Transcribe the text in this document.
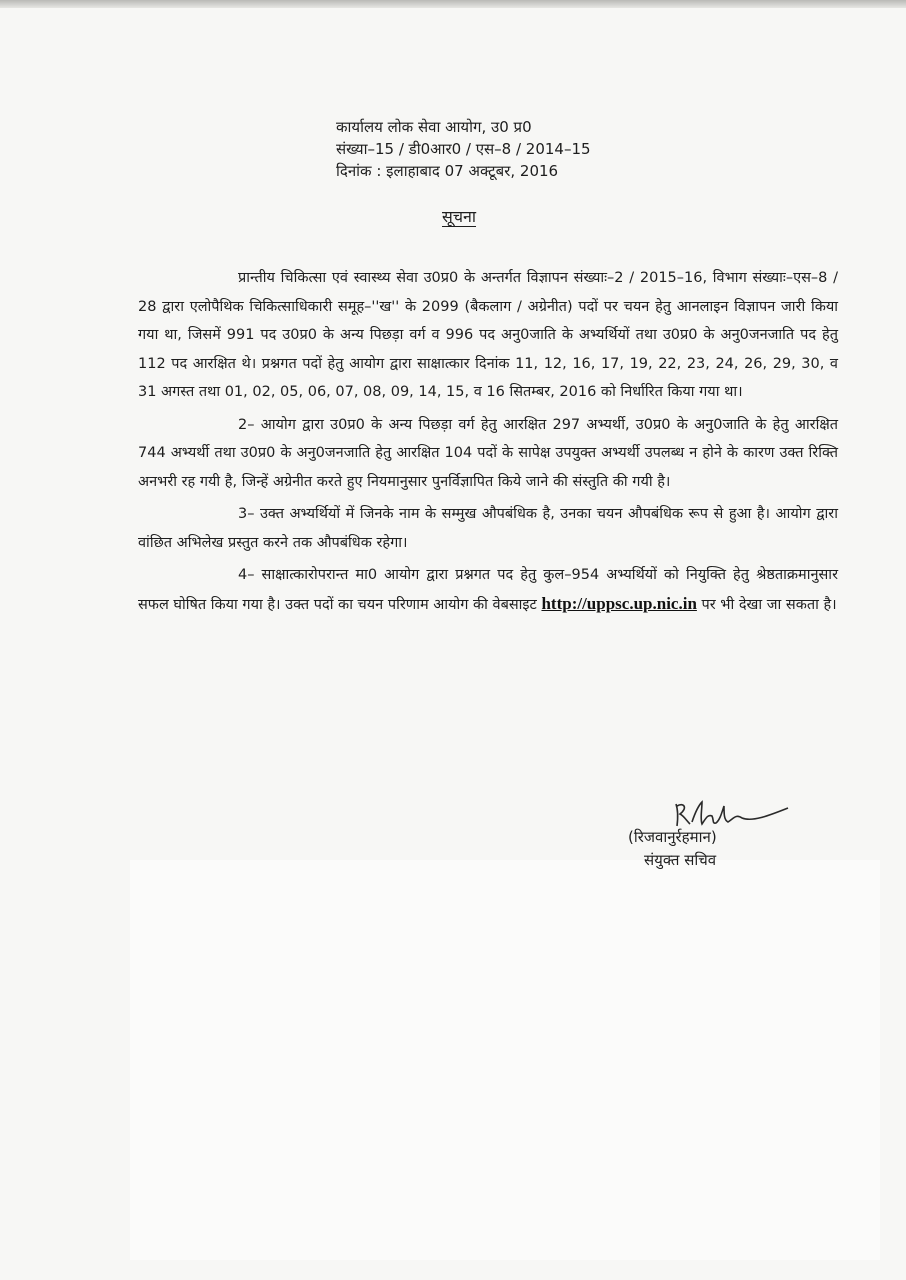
कार्यालय लोक सेवा आयोग, उ0 प्र0
संख्या–15 / डी0आर0 / एस–8 / 2014–15
दिनांक : इलाहाबाद 07 अक्टूबर, 2016
सूचना

प्रान्तीय चिकित्सा एवं स्वास्थ्य सेवा उ0प्र0 के अन्तर्गत विज्ञापन संख्याः–2 / 2015–16, विभाग संख्याः–एस–8 / 28 द्वारा एलोपैथिक चिकित्साधिकारी समूह–''ख'' के 2099 (बैकलाग / अग्रेनीत) पदों पर चयन हेतु आनलाइन विज्ञापन जारी किया गया था, जिसमें 991 पद उ0प्र0 के अन्य पिछड़ा वर्ग व 996 पद अनु0जाति के अभ्यर्थियों तथा उ0प्र0 के अनु0जनजाति पद हेतु 112 पद आरक्षित थे। प्रश्नगत पदों हेतु आयोग द्वारा साक्षात्कार दिनांक 11, 12, 16, 17, 19, 22, 23, 24, 26, 29, 30, व 31 अगस्त तथा 01, 02, 05, 06, 07, 08, 09, 14, 15, व 16 सितम्बर, 2016 को निर्धारित किया गया था।

2– आयोग द्वारा उ0प्र0 के अन्य पिछड़ा वर्ग हेतु आरक्षित 297 अभ्यर्थी, उ0प्र0 के अनु0जाति के हेतु आरक्षित 744 अभ्यर्थी तथा उ0प्र0 के अनु0जनजाति हेतु आरक्षित 104 पदों के सापेक्ष उपयुक्त अभ्यर्थी उपलब्ध न होने के कारण उक्त रिक्ति अनभरी रह गयी है, जिन्हें अग्रेनीत करते हुए नियमानुसार पुनर्विज्ञापित किये जाने की संस्तुति की गयी है।

3– उक्त अभ्यर्थियों में जिनके नाम के सम्मुख औपबंधिक है, उनका चयन औपबंधिक रूप से हुआ है। आयोग द्वारा वांछित अभिलेख प्रस्तुत करने तक औपबंधिक रहेगा।

4– साक्षात्कारोपरान्त मा0 आयोग द्वारा प्रश्नगत पद हेतु कुल–954 अभ्यर्थियों को नियुक्ति हेतु श्रेष्ठताक्रमानुसार सफल घोषित किया गया है। उक्त पदों का चयन परिणाम आयोग की वेबसाइट http://uppsc.up.nic.in पर भी देखा जा सकता है।

(रिजवानुर्रहमान)
संयुक्त सचिव
